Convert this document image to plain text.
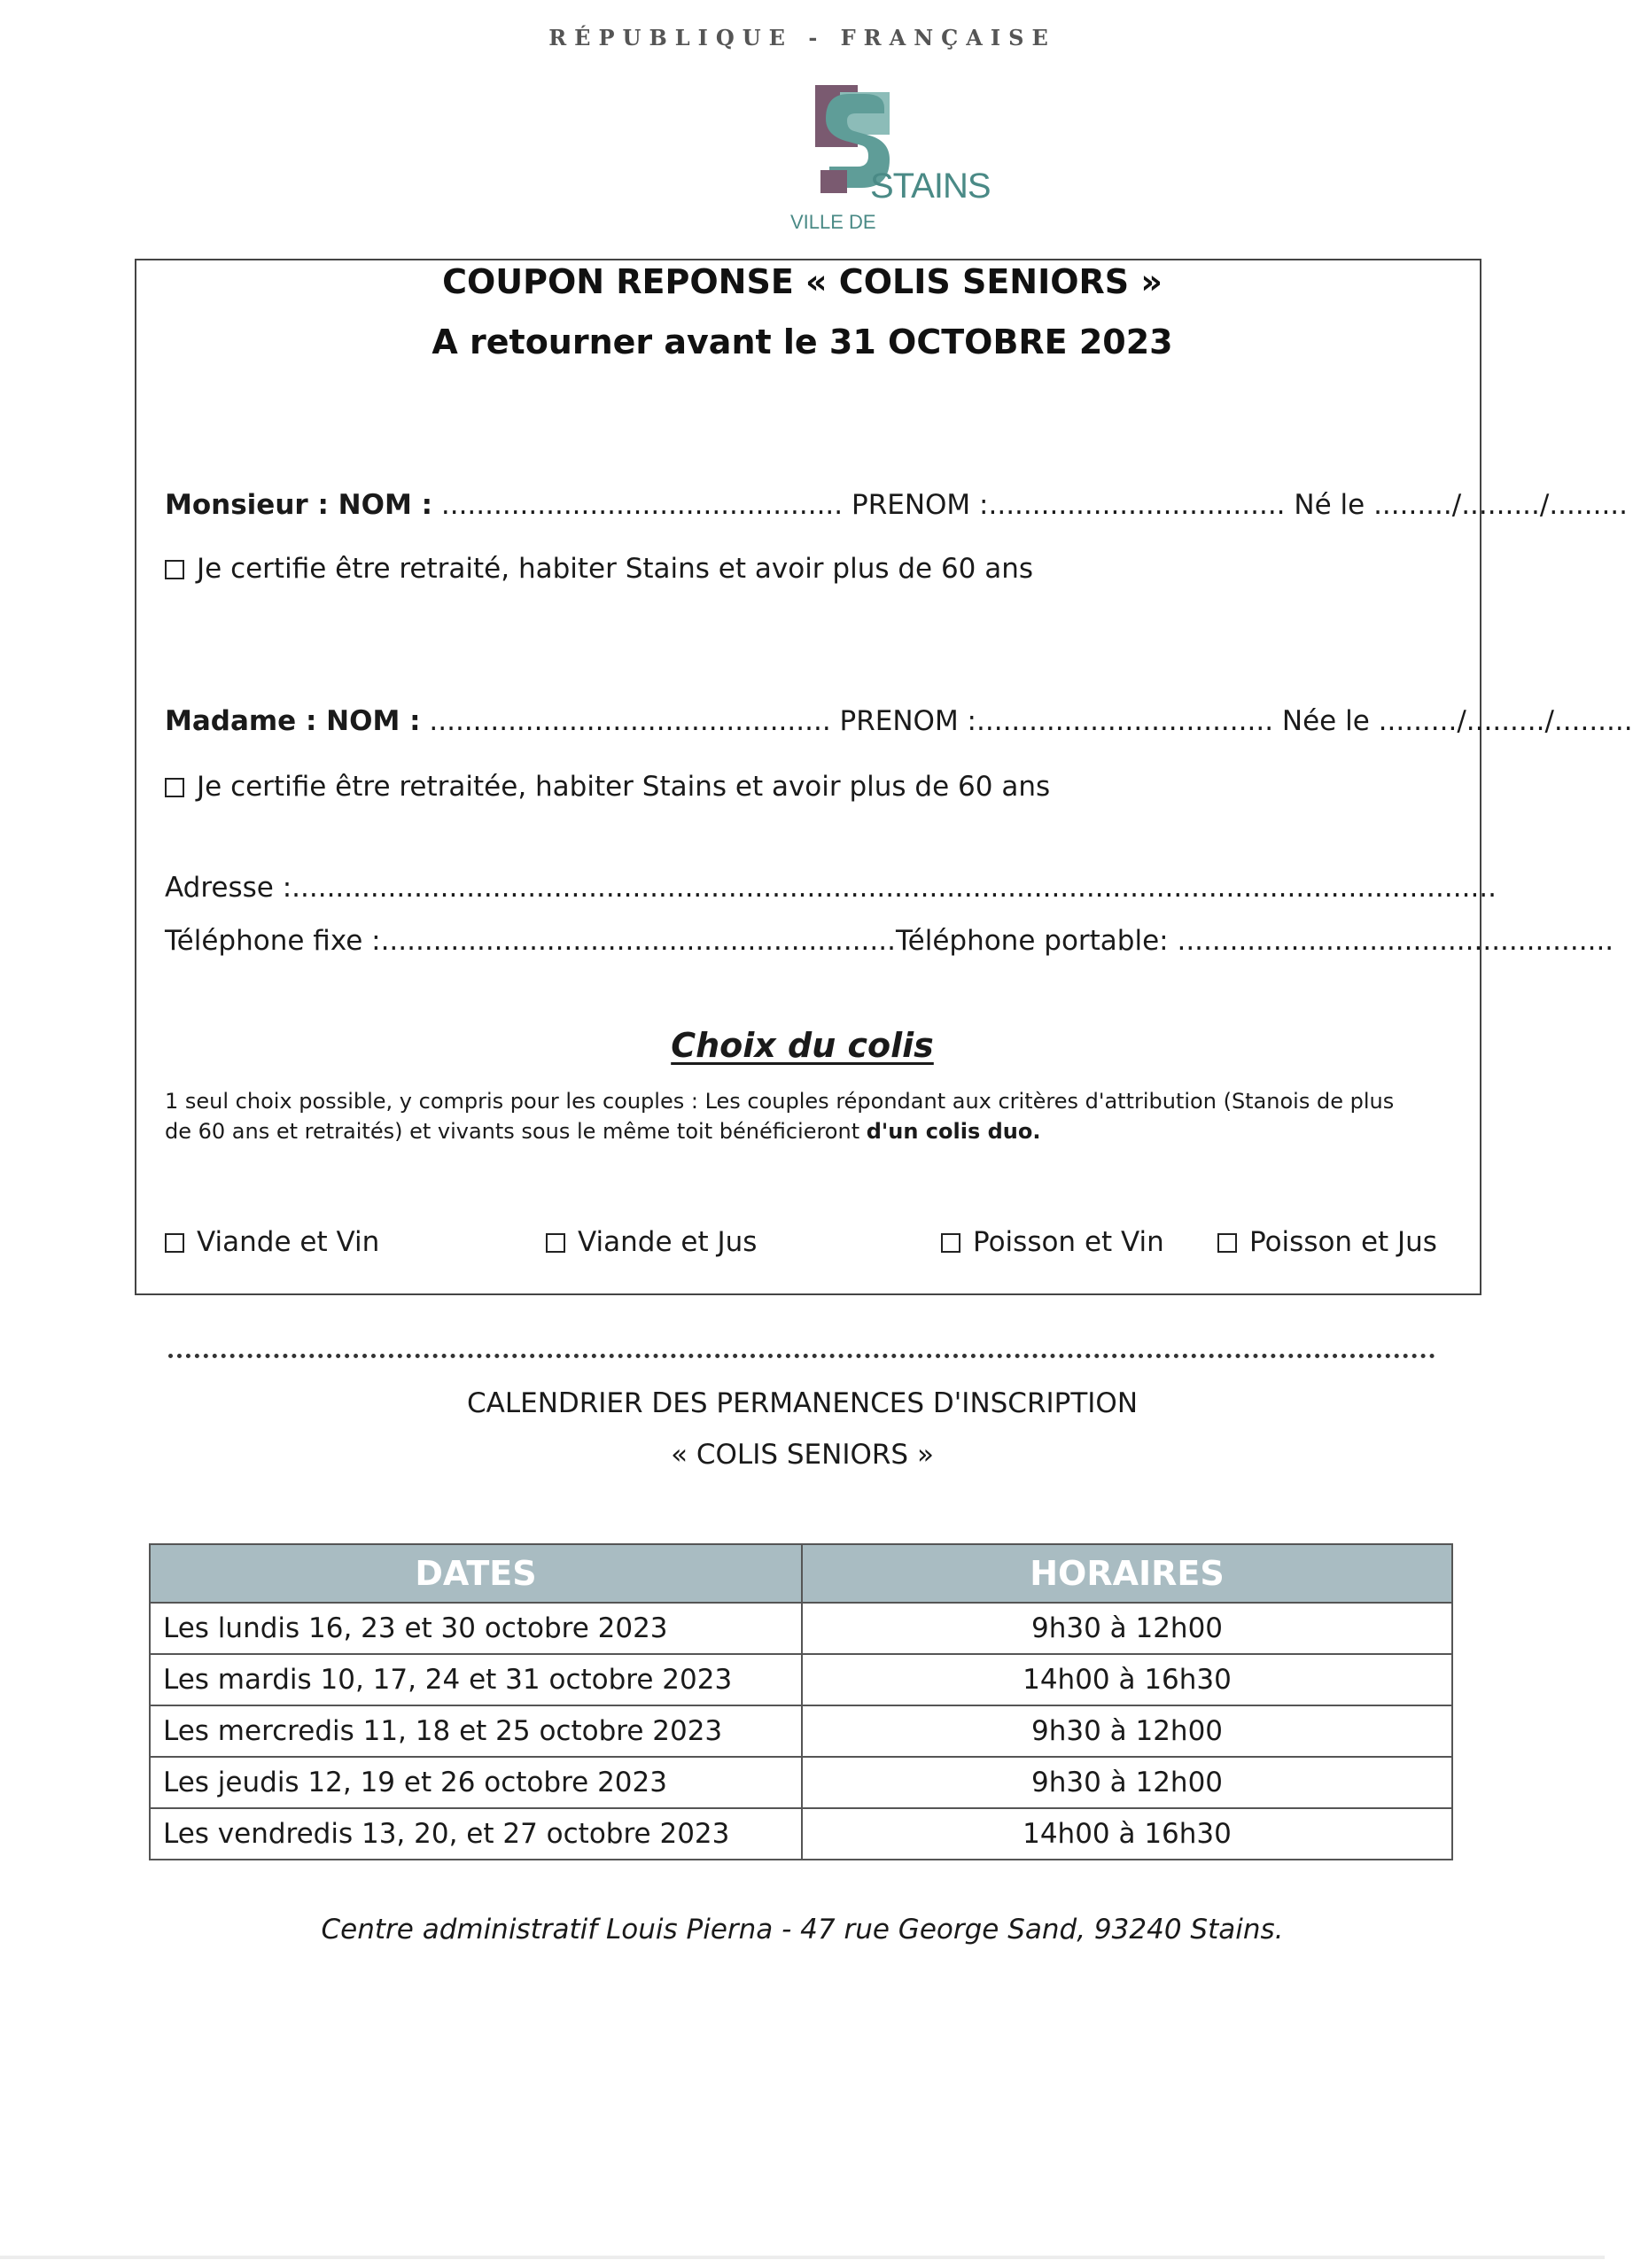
RÉPUBLIQUE - FRANÇAISE
VILLE DE
STAINS
COUPON REPONSE « COLIS SENIORS »
A retourner avant le 31 OCTOBRE 2023
Monsieur : NOM : .............................................. PRENOM :.................................. Né le ........./........./.........
Je certifie être retraité, habiter Stains et avoir plus de 60 ans
Madame : NOM : .............................................. PRENOM :.................................. Née le ........./........./.........
Je certifie être retraitée, habiter Stains et avoir plus de 60 ans
Adresse :..........................................................................................................................................
Téléphone fixe :...........................................................Téléphone portable: ..................................................
Choix du colis
1 seul choix possible, y compris pour les couples : Les couples répondant aux critères d'attribution (Stanois de plus
de 60 ans et retraités) et vivants sous le même toit bénéficieront d'un colis duo.
Viande et Vin	Viande et Jus	Poisson et Vin	Poisson et Jus
CALENDRIER DES PERMANENCES D'INSCRIPTION
« COLIS SENIORS »
DATES	HORAIRES
Les lundis 16, 23 et 30 octobre 2023	9h30 à 12h00
Les mardis 10, 17, 24 et 31 octobre 2023	14h00 à 16h30
Les mercredis 11, 18 et 25 octobre 2023	9h30 à 12h00
Les jeudis 12, 19 et 26 octobre 2023	9h30 à 12h00
Les vendredis 13, 20, et 27 octobre 2023	14h00 à 16h30
Centre administratif Louis Pierna - 47 rue George Sand, 93240 Stains.
